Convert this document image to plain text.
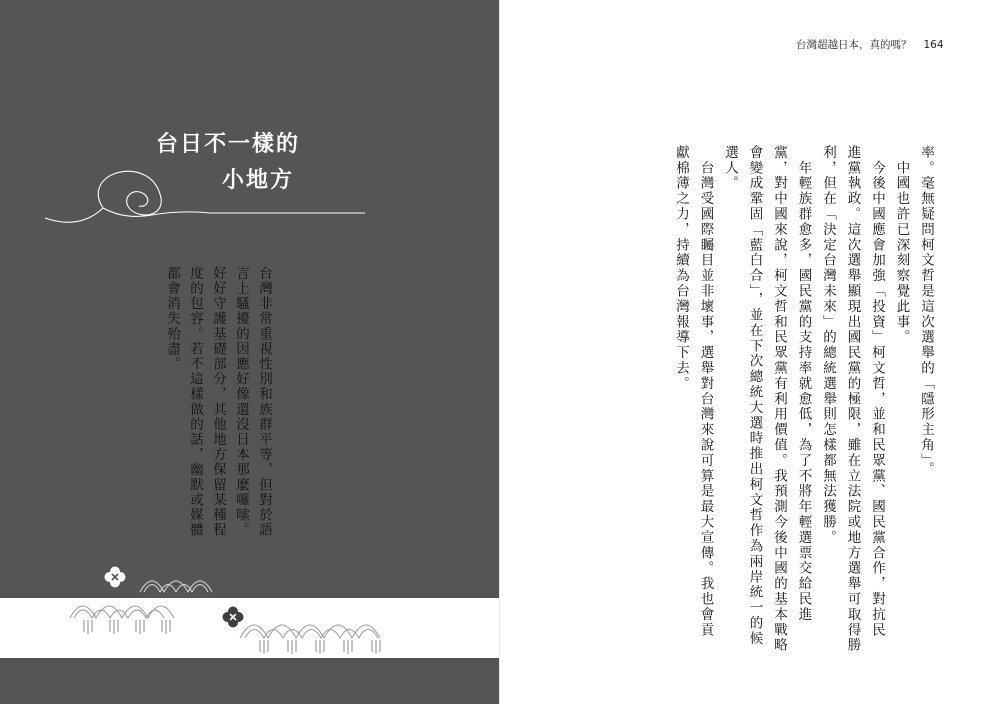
台日不一樣的
小地方
台灣非常重視性別和族群平等，但對於語
言上騷擾的因應好像還沒日本那麼囉嗦。
好好守護基礎部分，其他地方保留某種程
度的包容。若不這樣做的話，幽默或媒體
都會消失殆盡。
台灣超越日本，真的嗎？ 164

率。毫無疑問柯文哲是這次選舉的「隱形主角」。

　中國也許已深刻察覺此事。

　今後中國應會加強「投資」柯文哲，並和民眾黨、國民黨合作，對抗民

進黨執政。這次選舉顯現出國民黨的極限，雖在立法院或地方選舉可取得勝

利，但在「決定台灣未來」的總統選舉則怎樣都無法獲勝。

　年輕族群愈多，國民黨的支持率就愈低，為了不將年輕選票交給民進

黨，對中國來說，柯文哲和民眾黨有利用價值。我預測今後中國的基本戰略

會變成鞏固「藍白合」，並在下次總統大選時推出柯文哲作為兩岸統一的候

選人。

　台灣受國際矚目並非壞事，選舉對台灣來說可算是最大宣傳。我也會貢

獻棉薄之力，持續為台灣報導下去。
